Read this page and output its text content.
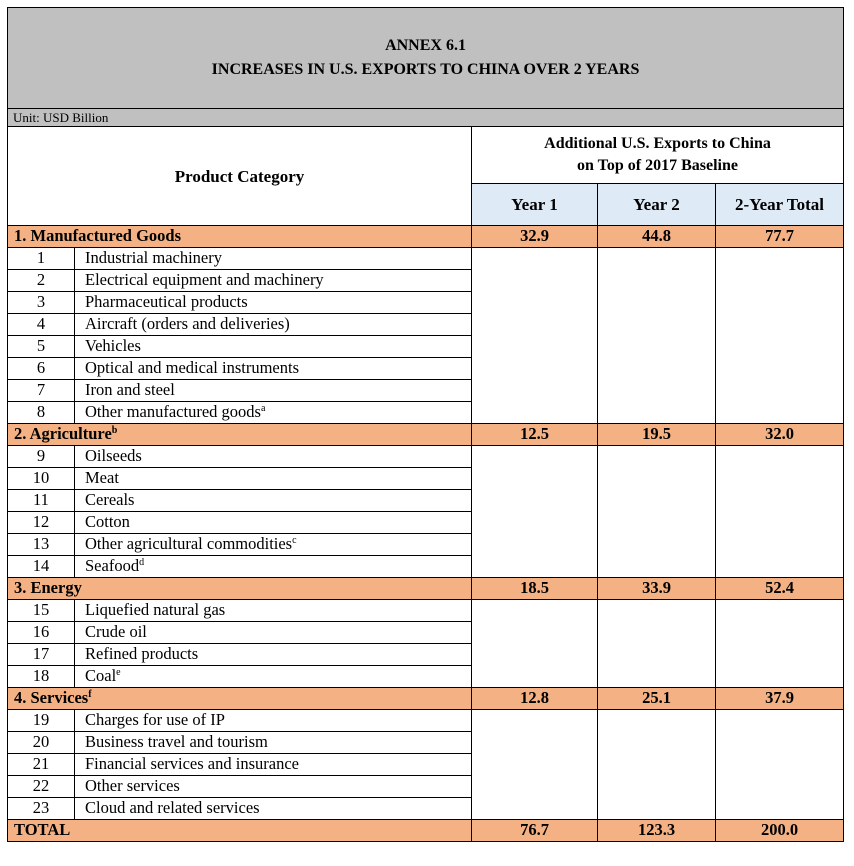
ANNEX 6.1
INCREASES IN U.S. EXPORTS TO CHINA OVER 2 YEARS				

Unit: USD Billion				
Product Category		Additional U.S. Exports to China
on Top of 2017 Baseline		

		Year 1	Year 2	2-Year Total
1. Manufactured Goods		32.9	44.8	77.7
1	Industrial machinery			
2	Electrical equipment and machinery			
3	Pharmaceutical products			
4	Aircraft (orders and deliveries)			
5	Vehicles			
6	Optical and medical instruments			
7	Iron and steel			
8	Other manufactured goods$^a$
2. Agriculture$^b$		12.5	19.5	32.0
9	Oilseeds			
10	Meat			
11	Cereals			
12	Cotton			
13	Other agricultural commodities$^c$
14	Seafood$^d$
3. Energy		18.5	33.9	52.4
15	Liquefied natural gas			
16	Crude oil			
17	Refined products			
18	Coal$^e$
4. Services$^f$		12.8	25.1	37.9
19	Charges for use of IP			
20	Business travel and tourism			
21	Financial services and insurance			
22	Other services			
23	Cloud and related services			
TOTAL		76.7	123.3	200.0
